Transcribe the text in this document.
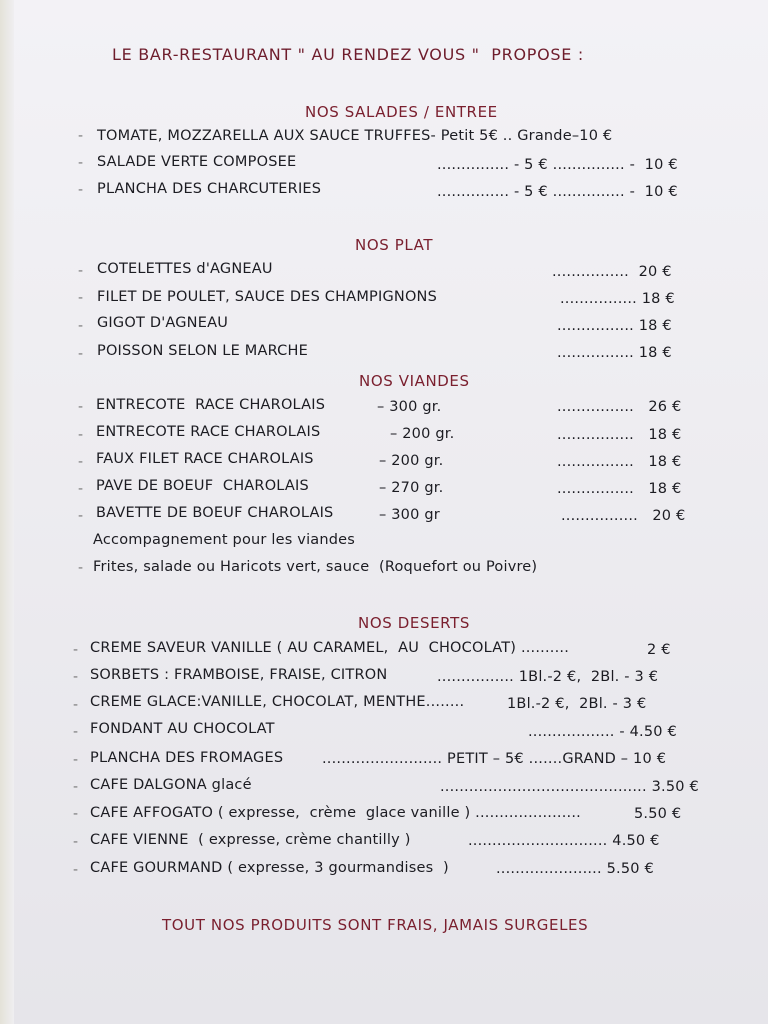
LE BAR-RESTAURANT " AU RENDEZ VOUS "  PROPOSE :
NOS SALADES / ENTREE
- TOMATE, MOZZARELLA AUX SAUCE TRUFFES- Petit 5€ .. Grande–10 €
- SALADE VERTE COMPOSEE	............... - 5 € ............... -  10 €
- PLANCHA DES CHARCUTERIES	............... - 5 € ............... -  10 €
NOS PLAT
- COTELETTES d'AGNEAU	................  20 €
- FILET DE POULET, SAUCE DES CHAMPIGNONS	................ 18 €
- GIGOT D'AGNEAU	................ 18 €
- POISSON SELON LE MARCHE	................ 18 €
NOS VIANDES
- ENTRECOTE  RACE CHAROLAIS	– 300 gr.	................   26 €
- ENTRECOTE RACE CHAROLAIS	– 200 gr.	................   18 €
- FAUX FILET RACE CHAROLAIS	– 200 gr.	................   18 €
- PAVE DE BOEUF  CHAROLAIS	– 270 gr.	................   18 €
- BAVETTE DE BOEUF CHAROLAIS	– 300 gr	................   20 €
Accompagnement pour les viandes
- Frites, salade ou Haricots vert, sauce  (Roquefort ou Poivre)
NOS DESERTS
- CREME SAVEUR VANILLE ( AU CARAMEL,  AU  CHOCOLAT) ..........	2 €
- SORBETS : FRAMBOISE, FRAISE, CITRON	................ 1Bl.-2 €,  2Bl. - 3 €
- CREME GLACE:VANILLE, CHOCOLAT, MENTHE........	1Bl.-2 €,  2Bl. - 3 €
- FONDANT AU CHOCOLAT	.................. - 4.50 €
- PLANCHA DES FROMAGES	......................... PETIT – 5€ .......GRAND – 10 €
- CAFE DALGONA glacé	........................................... 3.50 €
- CAFE AFFOGATO ( expresse,  crème  glace vanille ) ......................	5.50 €
- CAFE VIENNE  ( expresse, crème chantilly )	............................. 4.50 €
- CAFE GOURMAND ( expresse, 3 gourmandises  )	...................... 5.50 €
TOUT NOS PRODUITS SONT FRAIS, JAMAIS SURGELES
